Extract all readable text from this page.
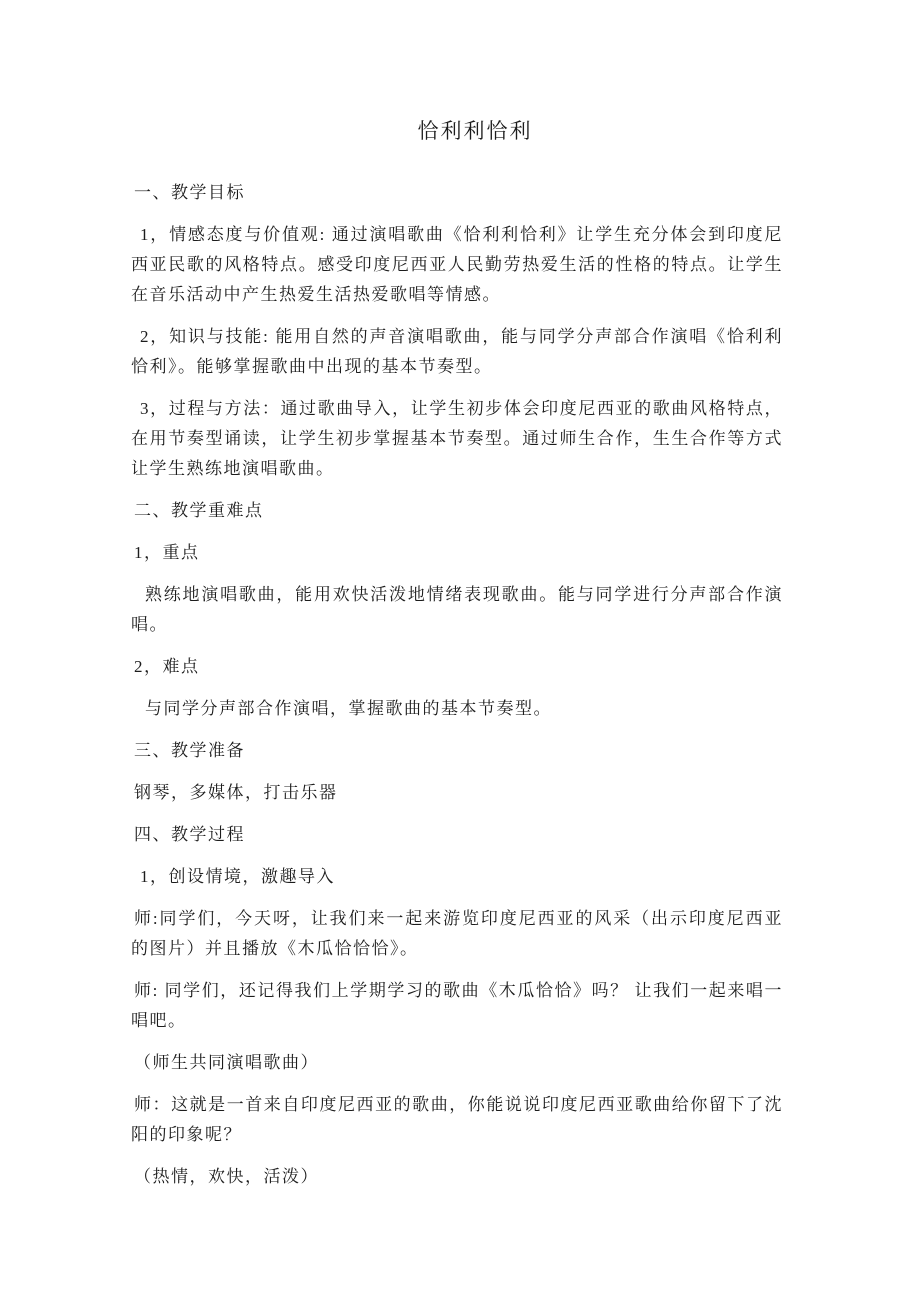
恰利利恰利

一、教学目标

1，情感态度与价值观: 通过演唱歌曲《恰利利恰利》让学生充分体会到印度尼西亚民歌的风格特点。感受印度尼西亚人民勤劳热爱生活的性格的特点。让学生在音乐活动中产生热爱生活热爱歌唱等情感。

2，知识与技能: 能用自然的声音演唱歌曲，能与同学分声部合作演唱《恰利利恰利》。能够掌握歌曲中出现的基本节奏型。

3，过程与方法：通过歌曲导入，让学生初步体会印度尼西亚的歌曲风格特点，在用节奏型诵读，让学生初步掌握基本节奏型。通过师生合作，生生合作等方式让学生熟练地演唱歌曲。

二、教学重难点

1，重点

熟练地演唱歌曲，能用欢快活泼地情绪表现歌曲。能与同学进行分声部合作演唱。

2，难点

与同学分声部合作演唱，掌握歌曲的基本节奏型。

三、教学准备

钢琴，多媒体，打击乐器

四、教学过程

1，创设情境，激趣导入

师:同学们，今天呀，让我们来一起来游览印度尼西亚的风采（出示印度尼西亚的图片）并且播放《木瓜恰恰恰》。

师: 同学们，还记得我们上学期学习的歌曲《木瓜恰恰》吗？ 让我们一起来唱一唱吧。

（师生共同演唱歌曲）

师：这就是一首来自印度尼西亚的歌曲，你能说说印度尼西亚歌曲给你留下了沈阳的印象呢？

（热情，欢快，活泼）
